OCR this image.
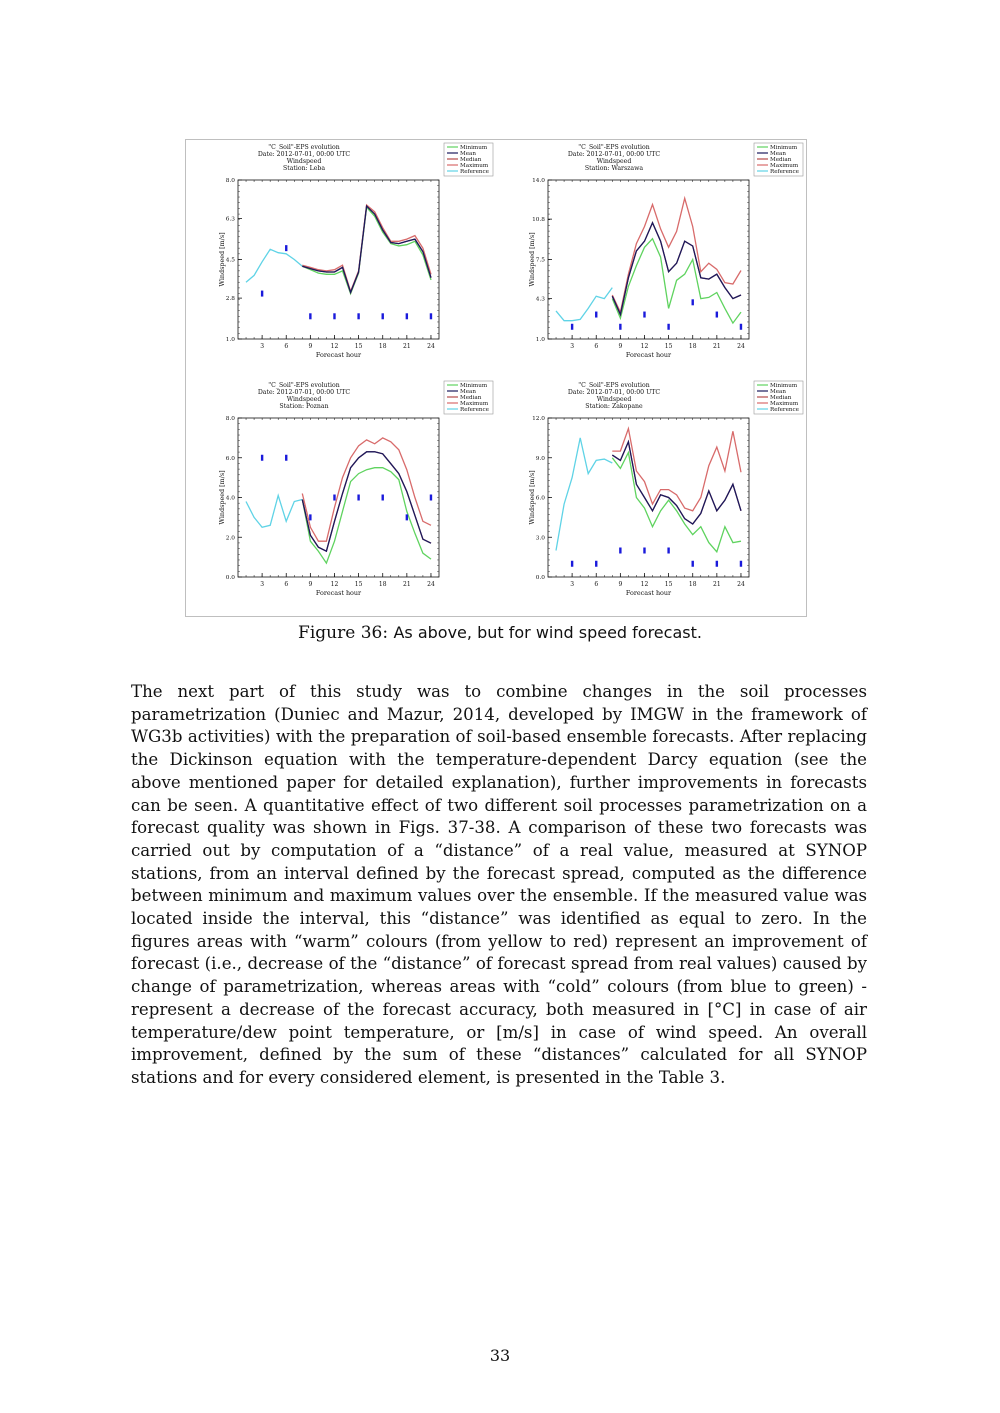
"C_Soil"-EPS evolution
Date: 2012-07-01, 00:00 UTC
Windspeed
Station: Leba
Minimum
Mean
Median
Maximum
Reference
3	6	9	12	15	18	21	24
1.0
2.8
4.5
6.3
8.0
Forecast hour
Windspeed [m/s]
"C_Soil"-EPS evolution
Date: 2012-07-01, 00:00 UTC
Windspeed
Station: Warszawa
Minimum
Mean
Median
Maximum
Reference
3	6	9	12	15	18	21	24
1.0
4.3
7.5
10.8
14.0
Forecast hour
Windspeed [m/s]
"C_Soil"-EPS evolution
Date: 2012-07-01, 00:00 UTC
Windspeed
Station: Poznan
Minimum
Mean
Median
Maximum
Reference
3	6	9	12	15	18	21	24
0.0
2.0
4.0
6.0
8.0
Forecast hour
Windspeed [m/s]
"C_Soil"-EPS evolution
Date: 2012-07-01, 00:00 UTC
Windspeed
Station: Zakopane
Minimum
Mean
Median
Maximum
Reference
3	6	9	12	15	18	21	24
0.0
3.0
6.0
9.0
12.0
Forecast hour
Windspeed [m/s]
Figure 36: As above, but for wind speed forecast.
The next part of this study was to combine changes in the soil processes parametrization (Duniec and Mazur, 2014, developed by IMGW in the framework of WG3b activities) with the preparation of soil-based ensemble forecasts. After replacing the Dickinson equation with the temperature-dependent Darcy equation (see the above mentioned paper for detailed explanation), further improvements in forecasts can be seen. A quantitative effect of two different soil processes parametrization on a forecast quality was shown in Figs. 37-38. A comparison of these two forecasts was carried out by computation of a “distance” of a real value, measured at SYNOP stations, from an interval defined by the forecast spread, computed as the difference between minimum and maximum values over the ensemble. If the measured value was located inside the interval, this “distance” was identified as equal to zero. In the figures areas with “warm” colours (from yellow to red) represent an improvement of forecast (i.e., decrease of the “distance” of forecast spread from real values) caused by change of parametrization, whereas areas with “cold” colours (from blue to green) - represent a decrease of the forecast accuracy, both measured in [°C] in case of air temperature/dew point temperature, or [m/s] in case of wind speed. An overall improvement, defined by the sum of these “distances” calculated for all SYNOP stations and for every considered element, is presented in the Table 3.
33
